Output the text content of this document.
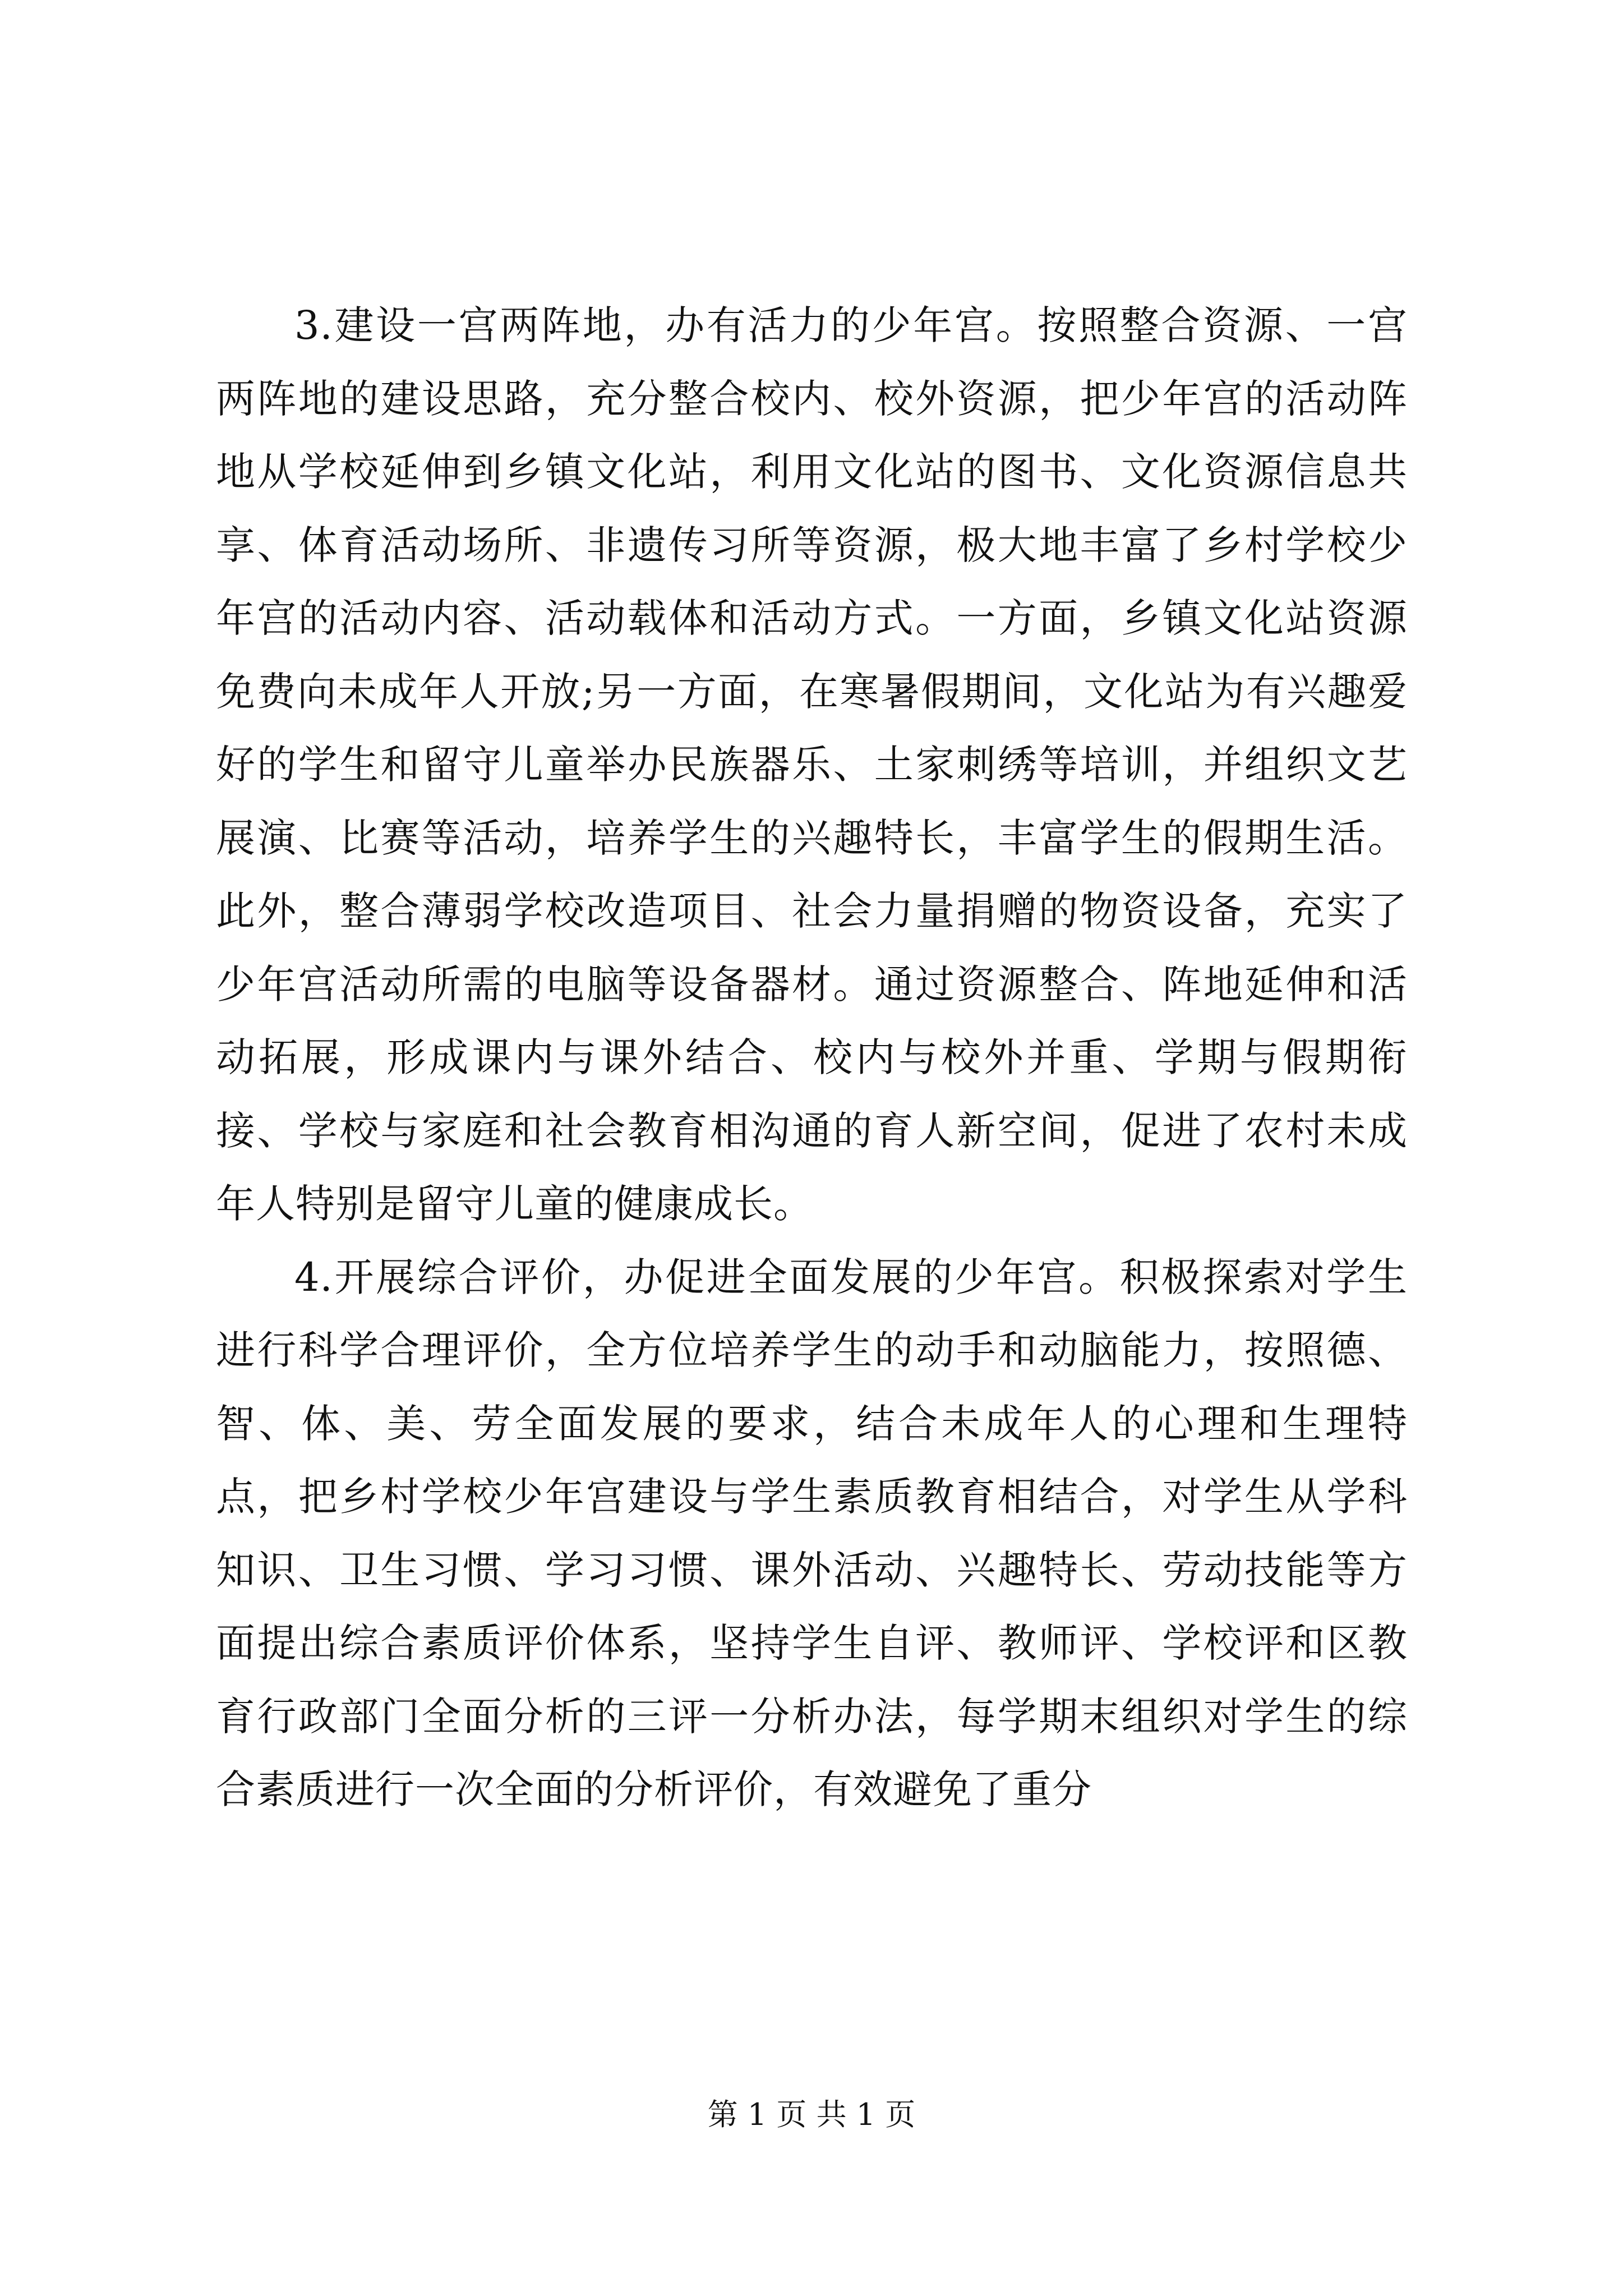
3.建设一宫两阵地，办有活力的少年宫。按照整合资源、一宫两阵地的建设思路，充分整合校内、校外资源，把少年宫的活动阵地从学校延伸到乡镇文化站，利用文化站的图书、文化资源信息共享、体育活动场所、非遗传习所等资源，极大地丰富了乡村学校少年宫的活动内容、活动载体和活动方式。一方面，乡镇文化站资源免费向未成年人开放;另一方面，在寒暑假期间，文化站为有兴趣爱好的学生和留守儿童举办民族器乐、土家刺绣等培训，并组织文艺展演、比赛等活动，培养学生的兴趣特长，丰富学生的假期生活。此外，整合薄弱学校改造项目、社会力量捐赠的物资设备，充实了少年宫活动所需的电脑等设备器材。通过资源整合、阵地延伸和活动拓展，形成课内与课外结合、校内与校外并重、学期与假期衔接、学校与家庭和社会教育相沟通的育人新空间，促进了农村未成年人特别是留守儿童的健康成长。

4.开展综合评价，办促进全面发展的少年宫。积极探索对学生进行科学合理评价，全方位培养学生的动手和动脑能力，按照德、智、体、美、劳全面发展的要求，结合未成年人的心理和生理特点，把乡村学校少年宫建设与学生素质教育相结合，对学生从学科知识、卫生习惯、学习习惯、课外活动、兴趣特长、劳动技能等方面提出综合素质评价体系，坚持学生自评、教师评、学校评和区教育行政部门全面分析的三评一分析办法，每学期末组织对学生的综合素质进行一次全面的分析评价，有效避免了重分

第 1 页 共 1 页
